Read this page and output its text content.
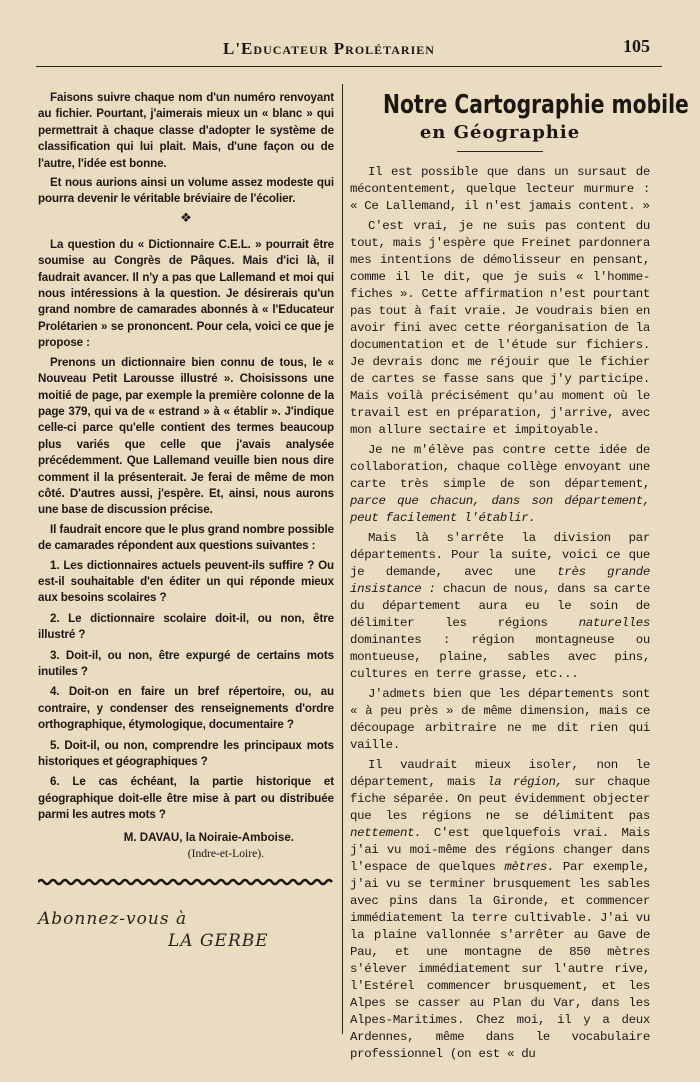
L'Educateur Prolétarien	105

Faisons suivre chaque nom d'un numéro renvoyant au fichier. Pourtant, j'aimerais mieux un « blanc » qui permettrait à chaque classe d'adopter le système de classification qui lui plait. Mais, d'une façon ou de l'autre, l'idée est bonne.

Et nous aurions ainsi un volume assez modeste qui pourra devenir le véritable bréviaire de l'écolier.

❖

La question du « Dictionnaire C.E.L. » pourrait être soumise au Congrès de Pâques. Mais d'ici là, il faudrait avancer. Il n'y a pas que Lallemand et moi qui nous intéressions à la question. Je désirerais qu'un grand nombre de camarades abonnés à « l'Educateur Prolétarien » se prononcent. Pour cela, voici ce que je propose :

Prenons un dictionnaire bien connu de tous, le « Nouveau Petit Larousse illustré ». Choisissons une moitié de page, par exemple la première colonne de la page 379, qui va de « estrand » à « établir ». J'indique celle-ci parce qu'elle contient des termes beaucoup plus variés que celle que j'avais analysée précédemment. Que Lallemand veuille bien nous dire comment il la présenterait. Je ferai de même de mon côté. D'autres aussi, j'espère. Et, ainsi, nous aurons une base de discussion précise.

Il faudrait encore que le plus grand nombre possible de camarades répondent aux questions suivantes :

1. Les dictionnaires actuels peuvent-ils suffire ? Ou est-il souhaitable d'en éditer un qui réponde mieux aux besoins scolaires ?

2. Le dictionnaire scolaire doit-il, ou non, être illustré ?

3. Doit-il, ou non, être expurgé de certains mots inutiles ?

4. Doit-on en faire un bref répertoire, ou, au contraire, y condenser des renseignements d'ordre orthographique, étymologique, documentaire ?

5. Doit-il, ou non, comprendre les principaux mots historiques et géographiques ?

6. Le cas échéant, la partie historique et géographique doit-elle être mise à part ou distribuée parmi les autres mots ?

M. DAVAU, la Noiraie-Amboise.
(Indre-et-Loire).
Abonnez-vous à
LA GERBE
Notre Cartographie mobile
en Géographie

Il est possible que dans un sursaut de mécontentement, quelque lecteur murmure : « Ce Lallemand, il n'est jamais content. »

C'est vrai, je ne suis pas content du tout, mais j'espère que Freinet pardonnera mes intentions de démolisseur en pensant, comme il le dit, que je suis « l'homme-fiches ». Cette affirmation n'est pourtant pas tout à fait vraie. Je voudrais bien en avoir fini avec cette réorganisation de la documentation et de l'étude sur fichiers. Je devrais donc me réjouir que le fichier de cartes se fasse sans que j'y participe. Mais voilà précisément qu'au moment où le travail est en préparation, j'arrive, avec mon allure sectaire et impitoyable.

Je ne m'élève pas contre cette idée de collaboration, chaque collège envoyant une carte très simple de son département, parce que chacun, dans son département, peut facilement l'établir.

Mais là s'arrête la division par départements. Pour la suite, voici ce que je demande, avec une très grande insistance : chacun de nous, dans sa carte du département aura eu le soin de délimiter les régions naturelles dominantes : région montagneuse ou montueuse, plaine, sables avec pins, cultures en terre grasse, etc...

J'admets bien que les départements sont « à peu près » de même dimension, mais ce découpage arbitraire ne me dit rien qui vaille.

Il vaudrait mieux isoler, non le département, mais la région, sur chaque fiche séparée. On peut évidemment objecter que les régions ne se délimitent pas nettement. C'est quelquefois vrai. Mais j'ai vu moi-même des régions changer dans l'espace de quelques mètres. Par exemple, j'ai vu se terminer brusquement les sables avec pins dans la Gironde, et commencer immédiatement la terre cultivable. J'ai vu la plaine vallonnée s'arrêter au Gave de Pau, et une montagne de 850 mètres s'élever immédiatement sur l'autre rive, l'Estérel commencer brusquement, et les Alpes se casser au Plan du Var, dans les Alpes-Maritimes. Chez moi, il y a deux Ardennes, même dans le vocabulaire professionnel (on est « du
